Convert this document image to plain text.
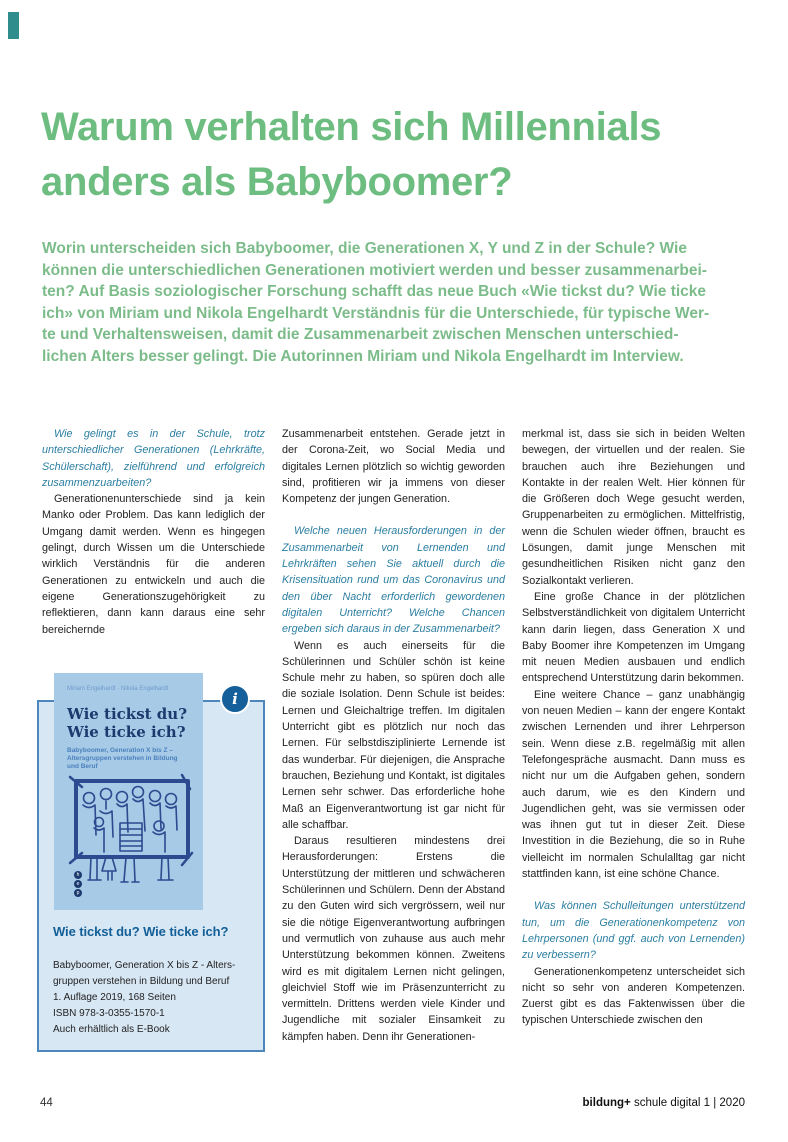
Warum verhalten sich Millennials
anders als Babyboomer?
Worin unterscheiden sich Babyboomer, die Generationen X, Y und Z in der Schule? Wie
können die unterschiedlichen Generationen motiviert werden und besser zusammenarbei-
ten? Auf Basis soziologischer Forschung schafft das neue Buch «Wie tickst du? Wie ticke
ich» von Miriam und Nikola Engelhardt Verständnis für die Unterschiede, für typische Wer-
te und Verhaltensweisen, damit die Zusammenarbeit zwischen Menschen unterschied-
lichen Alters besser gelingt. Die Autorinnen Miriam und Nikola Engelhardt im Interview.

Wie gelingt es in der Schule, trotz unterschiedlicher Generationen (Lehrkräfte, Schülerschaft), zielführend und erfolgreich zusammenzuarbeiten?

Generationenunterschiede sind ja kein Manko oder Problem. Das kann lediglich der Umgang damit werden. Wenn es hingegen gelingt, durch Wissen um die Unterschiede wirklich Verständnis für die anderen Generationen zu entwickeln und auch die eigene Generationszugehörigkeit zu reflektieren, dann kann daraus eine sehr bereichernde

Zusammenarbeit entstehen. Gerade jetzt in der Corona-Zeit, wo Social Media und digitales Lernen plötzlich so wichtig geworden sind, profitieren wir ja immens von dieser Kompetenz der jungen Generation.

Welche neuen Herausforderungen in der Zusammenarbeit von Lernenden und Lehrkräften sehen Sie aktuell durch die Krisensituation rund um das Coronavirus und den über Nacht erforderlich gewordenen digitalen Unterricht? Welche Chancen ergeben sich daraus in der Zusammenarbeit?

Wenn es auch einerseits für die Schülerinnen und Schüler schön ist keine Schule mehr zu haben, so spüren doch alle die soziale Isolation. Denn Schule ist beides: Lernen und Gleichaltrige treffen. Im digitalen Unterricht gibt es plötzlich nur noch das Lernen. Für selbstdisziplinierte Lernende ist das wunderbar. Für diejenigen, die Ansprache brauchen, Beziehung und Kontakt, ist digitales Lernen sehr schwer. Das erforderliche hohe Maß an Eigenverantwortung ist gar nicht für alle schaffbar.

Daraus resultieren mindestens drei Herausforderungen: Erstens die Unterstützung der mittleren und schwächeren Schülerinnen und Schülern. Denn der Abstand zu den Guten wird sich vergrössern, weil nur sie die nötige Eigenverantwortung aufbringen und vermutlich von zuhause aus auch mehr Unterstützung bekommen können. Zweitens wird es mit digitalem Lernen nicht gelingen, gleichviel Stoff wie im Präsenzunterricht zu vermitteln. Drittens werden viele Kinder und Jugendliche mit sozialer Einsamkeit zu kämpfen haben. Denn ihr Generationen-

merkmal ist, dass sie sich in beiden Welten bewegen, der virtuellen und der realen. Sie brauchen auch ihre Beziehungen und Kontakte in der realen Welt. Hier können für die Größeren doch Wege gesucht werden, Gruppenarbeiten zu ermöglichen. Mittelfristig, wenn die Schulen wieder öffnen, braucht es Lösungen, damit junge Menschen mit gesundheitlichen Risiken nicht ganz den Sozialkontakt verlieren.

Eine große Chance in der plötzlichen Selbstverständlichkeit von digitalem Unterricht kann darin liegen, dass Generation X und Baby Boomer ihre Kompetenzen im Umgang mit neuen Medien ausbauen und endlich entsprechend Unterstützung darin bekommen.

Eine weitere Chance – ganz unabhängig von neuen Medien – kann der engere Kontakt zwischen Lernenden und ihrer Lehrperson sein. Wenn diese z.B. regelmäßig mit allen Telefongespräche ausmacht. Dann muss es nicht nur um die Aufgaben gehen, sondern auch darum, wie es den Kindern und Jugendlichen geht, was sie vermissen oder was ihnen gut tut in dieser Zeit. Diese Investition in die Beziehung, die so in Ruhe vielleicht im normalen Schulalltag gar nicht stattfinden kann, ist eine schöne Chance.

Was können Schulleitungen unterstützend tun, um die Generationenkompetenz von Lehrpersonen (und ggf. auch von Lernenden) zu verbessern?

Generationenkompetenz unterscheidet sich nicht so sehr von anderen Kompetenzen. Zuerst gibt es das Faktenwissen über die typischen Unterschiede zwischen den

Wie tickst du? Wie ticke ich?
Babyboomer, Generation X bis Z - Alters-
gruppen verstehen in Bildung und Beruf
1. Auflage 2019, 168 Seiten
ISBN 978-3-0355-1570-1
Auch erhältlich als E-Book
Miriam Engelhardt · Nikola Engelhardt
Wie tickst du?
Wie ticke ich?
Babyboomer, Generation X bis Z – Altersgruppen verstehen in Bildung und Beruf
h
e
p
i
44	bildung+ schule digital 1 | 2020
